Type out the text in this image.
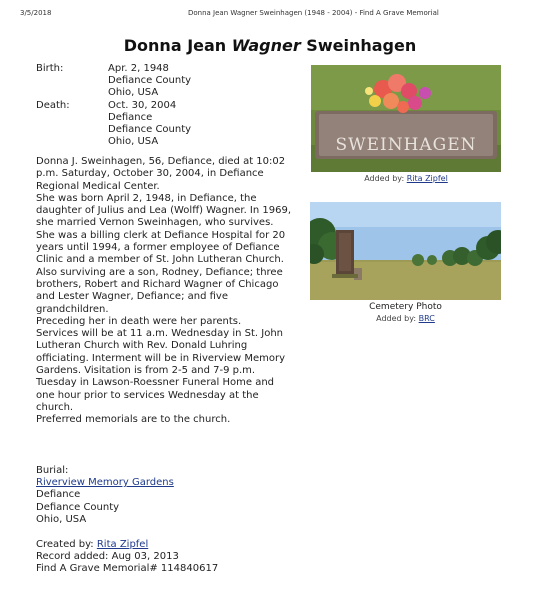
3/5/2018	Donna Jean Wagner Sweinhagen (1948 - 2004) - Find A Grave Memorial
Donna Jean Wagner Sweinhagen
Birth:	Apr. 2, 1948
Defiance County
Ohio, USA
Death:	Oct. 30, 2004
Defiance
Defiance County
Ohio, USA

Donna J. Sweinhagen, 56, Defiance, died at 10:02 p.m. Saturday, October 30, 2004, in Defiance Regional Medical Center.

She was born April 2, 1948, in Defiance, the daughter of Julius and Lea (Wolff) Wagner. In 1969, she married Vernon Sweinhagen, who survives. She was a billing clerk at Defiance Hospital for 20 years until 1994, a former employee of Defiance Clinic and a member of St. John Lutheran Church.

Also surviving are a son, Rodney, Defiance; three brothers, Robert and Richard Wagner of Chicago and Lester Wagner, Defiance; and five grandchildren.

Preceding her in death were her parents.

Services will be at 11 a.m. Wednesday in St. John Lutheran Church with Rev. Donald Luhring officiating. Interment will be in Riverview Memory Gardens. Visitation is from 2-5 and 7-9 p.m. Tuesday in Lawson-Roessner Funeral Home and one hour prior to services Wednesday at the church.

Preferred memorials are to the church.

Burial:
Riverview Memory Gardens
Defiance
Defiance County
Ohio, USA
Created by: Rita Zipfel
Record added: Aug 03, 2013
Find A Grave Memorial# 114840617
SWEINHAGEN
Added by: Rita Zipfel
Cemetery Photo
Added by: BRC
